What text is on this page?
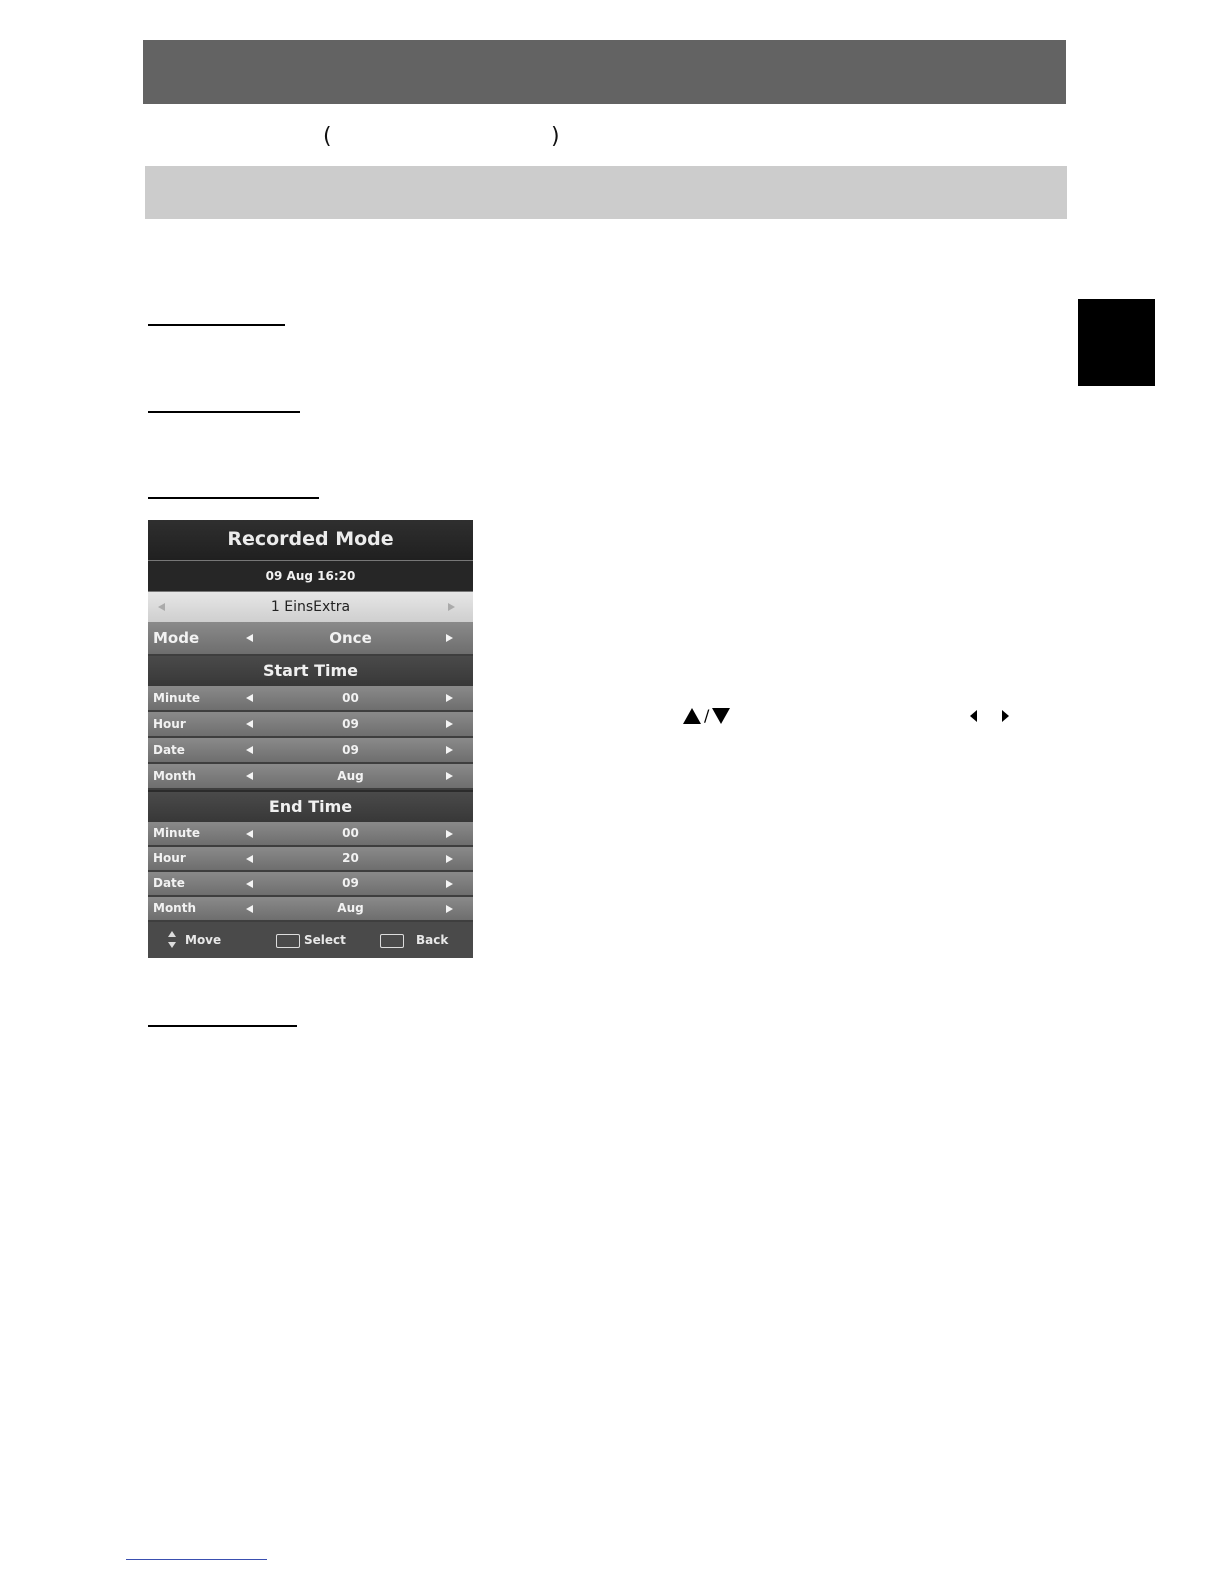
(	)
Recorded Mode
09 Aug 16:20
1 EinsExtra
Mode	Once
Start Time
Minute	00
Hour	09
Date	09
Month	Aug
End Time
Minute	00
Hour	20
Date	09
Month	Aug
Move	Select	Back
/
